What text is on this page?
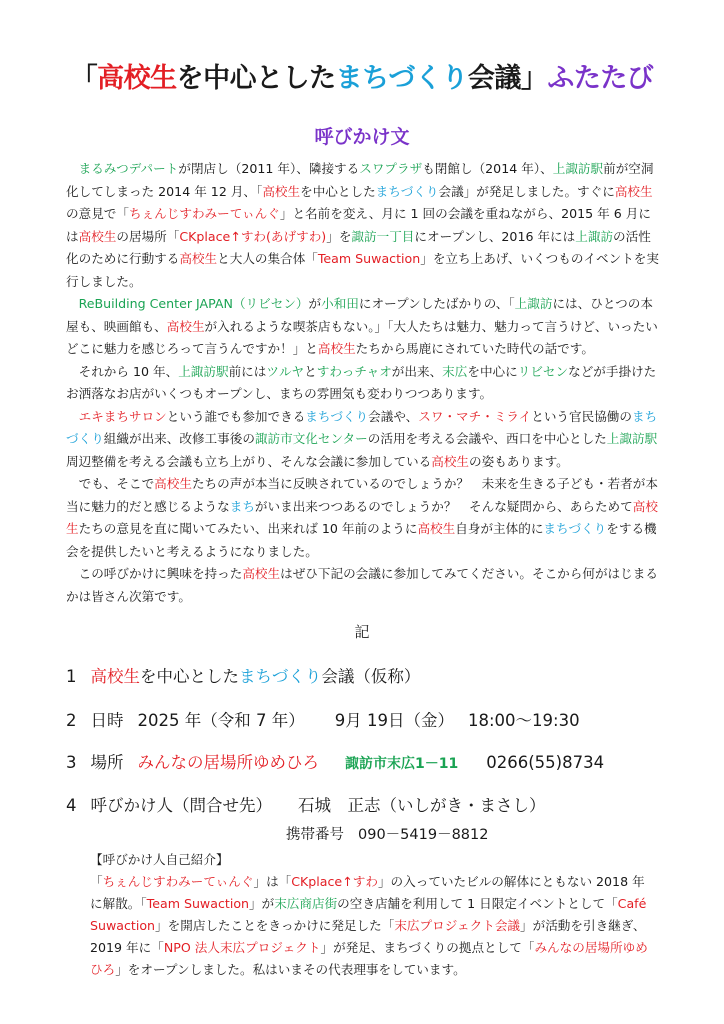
「高校生を中心としたまちづくり会議」ふたたび
呼びかけ文

まるみつデパートが閉店し（2011 年）、隣接するスワプラザも閉館し（2014 年）、上諏訪駅前が空洞化してしまった 2014 年 12 月、「高校生を中心としたまちづくり会議」が発足しました。すぐに高校生の意見で「ちぇんじすわみーてぃんぐ」と名前を変え、月に 1 回の会議を重ねながら、2015 年 6 月には高校生の居場所「CKplace↑すわ(あげすわ)」を諏訪一丁目にオープンし、2016 年には上諏訪の活性化のために行動する高校生と大人の集合体「Team Suwaction」を立ち上あげ、いくつものイベントを実行しました。

ReBuilding Center JAPAN（リビセン）が小和田にオープンしたばかりの、「上諏訪には、ひとつの本屋も、映画館も、高校生が入れるような喫茶店もない。」「大人たちは魅力、魅力って言うけど、いったいどこに魅力を感じろって言うんですか！」と高校生たちから馬鹿にされていた時代の話です。

それから 10 年、上諏訪駅前にはツルヤとすわっチャオが出来、末広を中心にリビセンなどが手掛けたお洒落なお店がいくつもオープンし、まちの雰囲気も変わりつつあります。

エキまちサロンという誰でも参加できるまちづくり会議や、スワ・マチ・ミライという官民協働のまちづくり組織が出来、改修工事後の諏訪市文化センターの活用を考える会議や、西口を中心とした上諏訪駅周辺整備を考える会議も立ち上がり、そんな会議に参加している高校生の姿もあります。

でも、そこで高校生たちの声が本当に反映されているのでしょうか？　未来を生きる子ども・若者が本当に魅力的だと感じるようなまちがいま出来つつあるのでしょうか？　そんな疑問から、あらためて高校生たちの意見を直に聞いてみたい、出来れば 10 年前のように高校生自身が主体的にまちづくりをする機会を提供したいと考えるようになりました。

この呼びかけに興味を持った高校生はぜひ下記の会議に参加してみてください。そこから何がはじまるかは皆さん次第です。

記
1 高校生を中心としたまちづくり会議（仮称）
2 日時 2025 年（令和 7 年） 9月 19日（金） 18:00～19:30
3 場所 みんなの居場所ゆめひろ 諏訪市末広1－11 0266(55)8734
4 呼びかけ人（問合せ先） 石城　正志（いしがき・まさし）
携帯番号 090－5419－8812

【呼びかけ人自己紹介】

「ちぇんじすわみーてぃんぐ」は「CKplace↑すわ」の入っていたビルの解体にともない 2018 年に解散。「Team Suwaction」が末広商店街の空き店舗を利用して 1 日限定イベントとして「Café Suwaction」を開店したことをきっかけに発足した「末広プロジェクト会議」が活動を引き継ぎ、2019 年に「NPO 法人末広プロジェクト」が発足、まちづくりの拠点として「みんなの居場所ゆめひろ」をオープンしました。私はいまその代表理事をしています。
